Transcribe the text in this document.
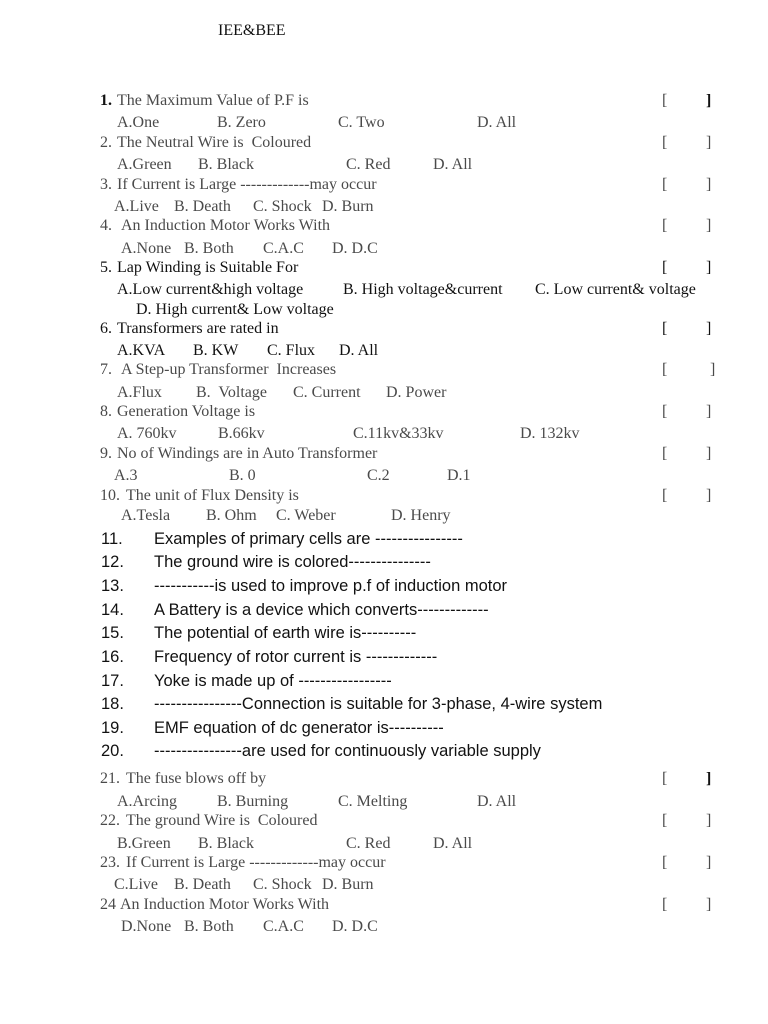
IEE&BEE
1. The Maximum Value of P.F is	[ ]
A.One	B. Zero	C. Two	D. All
2. The Neutral Wire is  Coloured	[ ]
A.Green B. Black	C. Red	D. All
3. If Current is Large -------------may occur	[ ]
A.Live B. Death C. Shock D. Burn
4. An Induction Motor Works With	[ ]
A.None B. Both C.A.C D. D.C
5. Lap Winding is Suitable For	[ ]
A.Low current&high voltage B. High voltage&current C. Low current& voltage
D. High current& Low voltage
6. Transformers are rated in	[ ]
A.KVA B. KW C. Flux D. All
7. A Step-up Transformer  Increases	[	]
A.Flux B.  Voltage C. Current D. Power
8. Generation Voltage is	[ ]
A. 760kv	B.66kv	C.11kv&33kv	D. 132kv
9. No of Windings are in Auto Transformer	[ ]
A.3	B. 0	C.2	D.1
10. The unit of Flux Density is	[ ]
A.Tesla B. Ohm C. Weber	D. Henry
11. Examples of primary cells are ----------------
12. The ground wire is colored---------------
13. -----------is used to improve p.f of induction motor
14. A Battery is a device which converts-------------
15. The potential of earth wire is----------
16. Frequency of rotor current is -------------
17. Yoke is made up of -----------------
18. ----------------Connection is suitable for 3-phase, 4-wire system
19. EMF equation of dc generator is----------
20. ----------------are used for continuously variable supply
21. The fuse blows off by	[ ]
A.Arcing	B. Burning	C. Melting	D. All
22. The ground Wire is  Coloured	[ ]
B.Green B. Black	C. Red	D. All
23. If Current is Large -------------may occur	[ ]
C.Live B. Death C. Shock D. Burn
24 An Induction Motor Works With	[ ]
D.None B. Both C.A.C D. D.C
